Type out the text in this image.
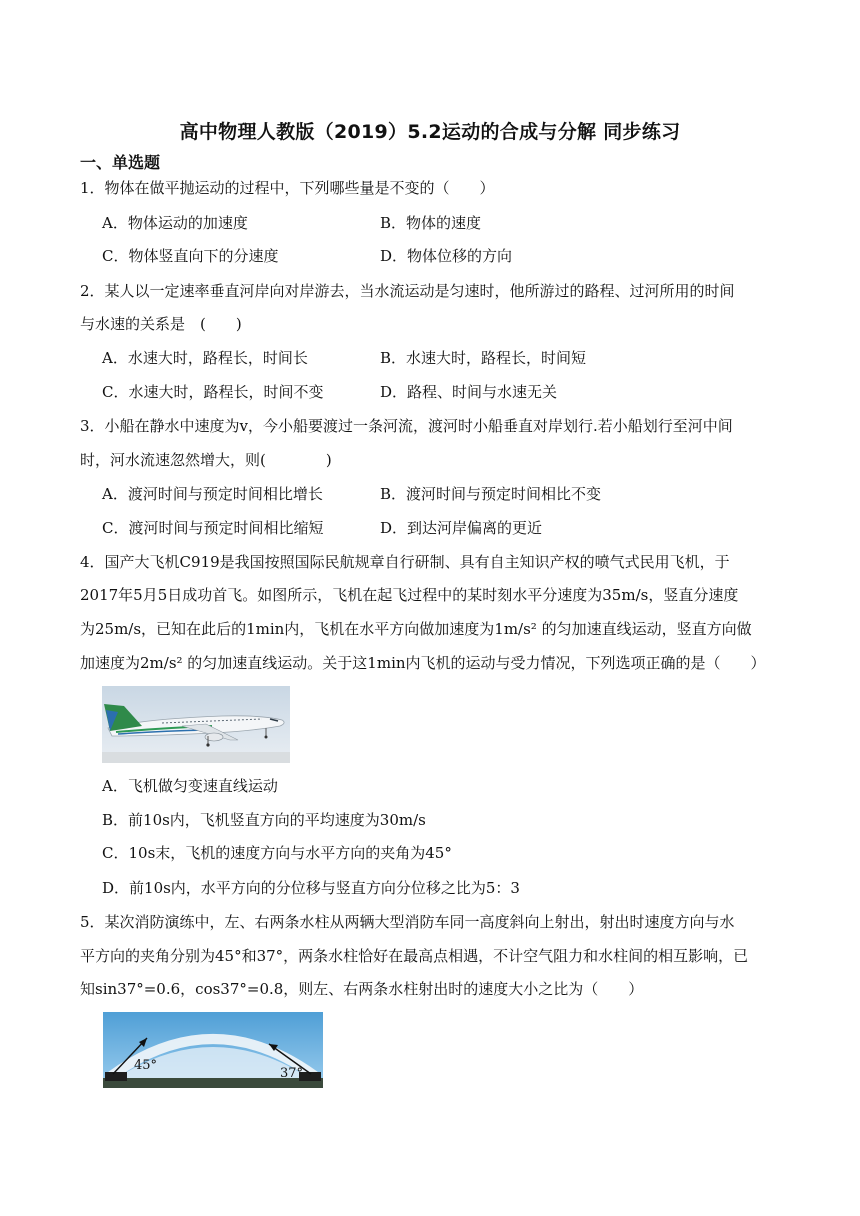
高中物理人教版（2019）5.2运动的合成与分解 同步练习
一、单选题
1．物体在做平抛运动的过程中，下列哪些量是不变的（　　）
A．物体运动的加速度	B．物体的速度
C．物体竖直向下的分速度	D．物体位移的方向
2．某人以一定速率垂直河岸向对岸游去，当水流运动是匀速时，他所游过的路程、过河所用的时间
与水速的关系是　(　　)
A．水速大时，路程长，时间长	B．水速大时，路程长，时间短
C．水速大时，路程长，时间不变	D．路程、时间与水速无关
3．小船在静水中速度为v，今小船要渡过一条河流，渡河时小船垂直对岸划行.若小船划行至河中间
时，河水流速忽然增大，则(　　　　)
A．渡河时间与预定时间相比增长	B．渡河时间与预定时间相比不变
C．渡河时间与预定时间相比缩短	D．到达河岸偏离的更近
4．国产大飞机C919是我国按照国际民航规章自行研制、具有自主知识产权的喷气式民用飞机，于
2017年5月5日成功首飞。如图所示，飞机在起飞过程中的某时刻水平分速度为35m/s，竖直分速度
为25m/s，已知在此后的1min内，飞机在水平方向做加速度为1m/s² 的匀加速直线运动，竖直方向做
加速度为2m/s² 的匀加速直线运动。关于这1min内飞机的运动与受力情况，下列选项正确的是（　　）
A．飞机做匀变速直线运动
B．前10s内，飞机竖直方向的平均速度为30m/s
C．10s末，飞机的速度方向与水平方向的夹角为45°
D．前10s内，水平方向的分位移与竖直方向分位移之比为5：3
5．某次消防演练中，左、右两条水柱从两辆大型消防车同一高度斜向上射出，射出时速度方向与水
平方向的夹角分别为45°和37°，两条水柱恰好在最高点相遇，不计空气阻力和水柱间的相互影响，已
知sin37°=0.6，cos37°=0.8，则左、右两条水柱射出时的速度大小之比为（　　）
45°
37°
